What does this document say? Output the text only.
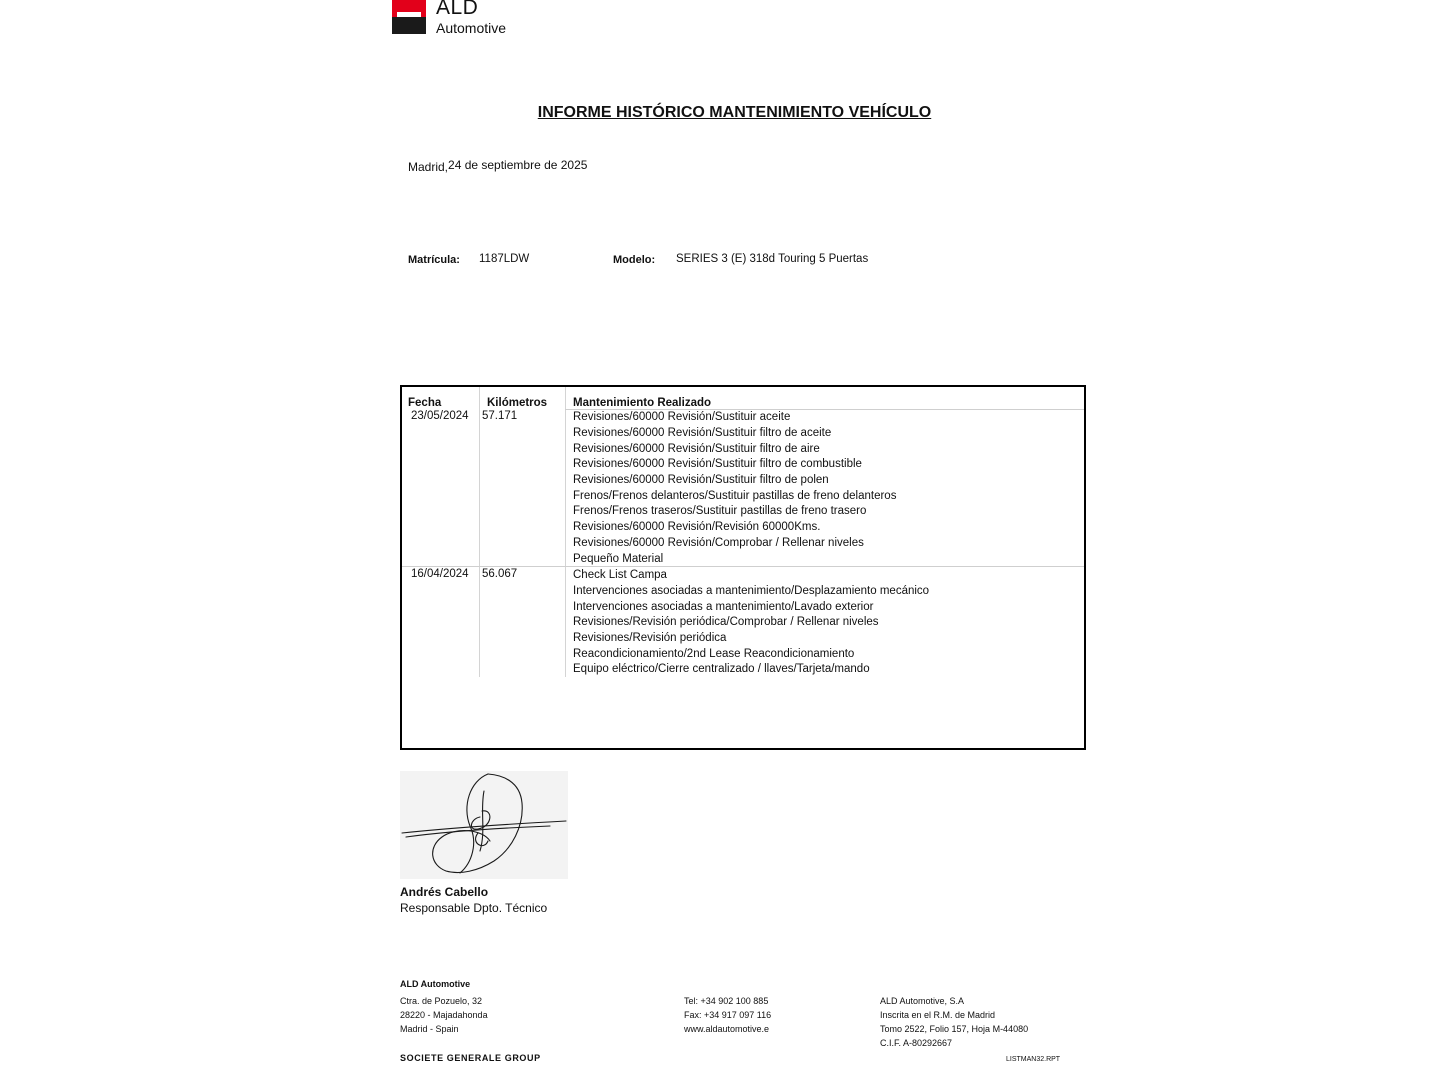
ALD
Automotive
INFORME HISTÓRICO MANTENIMIENTO VEHÍCULO
Madrid,24 de septiembre de 2025
Matrícula: 1187LDW	Modelo: SERIES 3 (E) 318d Touring 5 Puertas
Fecha	Kilómetros Mantenimiento Realizado
23/05/2024 57.171	Revisiones/60000 Revisión/Sustituir aceite
Revisiones/60000 Revisión/Sustituir filtro de aceite
Revisiones/60000 Revisión/Sustituir filtro de aire
Revisiones/60000 Revisión/Sustituir filtro de combustible
Revisiones/60000 Revisión/Sustituir filtro de polen
Frenos/Frenos delanteros/Sustituir pastillas de freno delanteros
Frenos/Frenos traseros/Sustituir pastillas de freno trasero
Revisiones/60000 Revisión/Revisión 60000Kms.
Revisiones/60000 Revisión/Comprobar / Rellenar niveles
Pequeño Material
16/04/2024 56.067	Check List Campa
Intervenciones asociadas a mantenimiento/Desplazamiento mecánico
Intervenciones asociadas a mantenimiento/Lavado exterior
Revisiones/Revisión periódica/Comprobar / Rellenar niveles
Revisiones/Revisión periódica
Reacondicionamiento/2nd Lease Reacondicionamiento
Equipo eléctrico/Cierre centralizado / llaves/Tarjeta/mando
Andrés Cabello
Responsable Dpto. Técnico
ALD Automotive
Ctra. de Pozuelo, 32
28220 - Majadahonda
Madrid - Spain
Tel: +34 902 100 885
Fax: +34 917 097 116
www.aldautomotive.e
ALD Automotive, S.A
Inscrita en el R.M. de Madrid
Tomo 2522, Folio 157, Hoja M-44080
C.I.F. A-80292667
SOCIETE GENERALE GROUP	LISTMAN32.RPT
